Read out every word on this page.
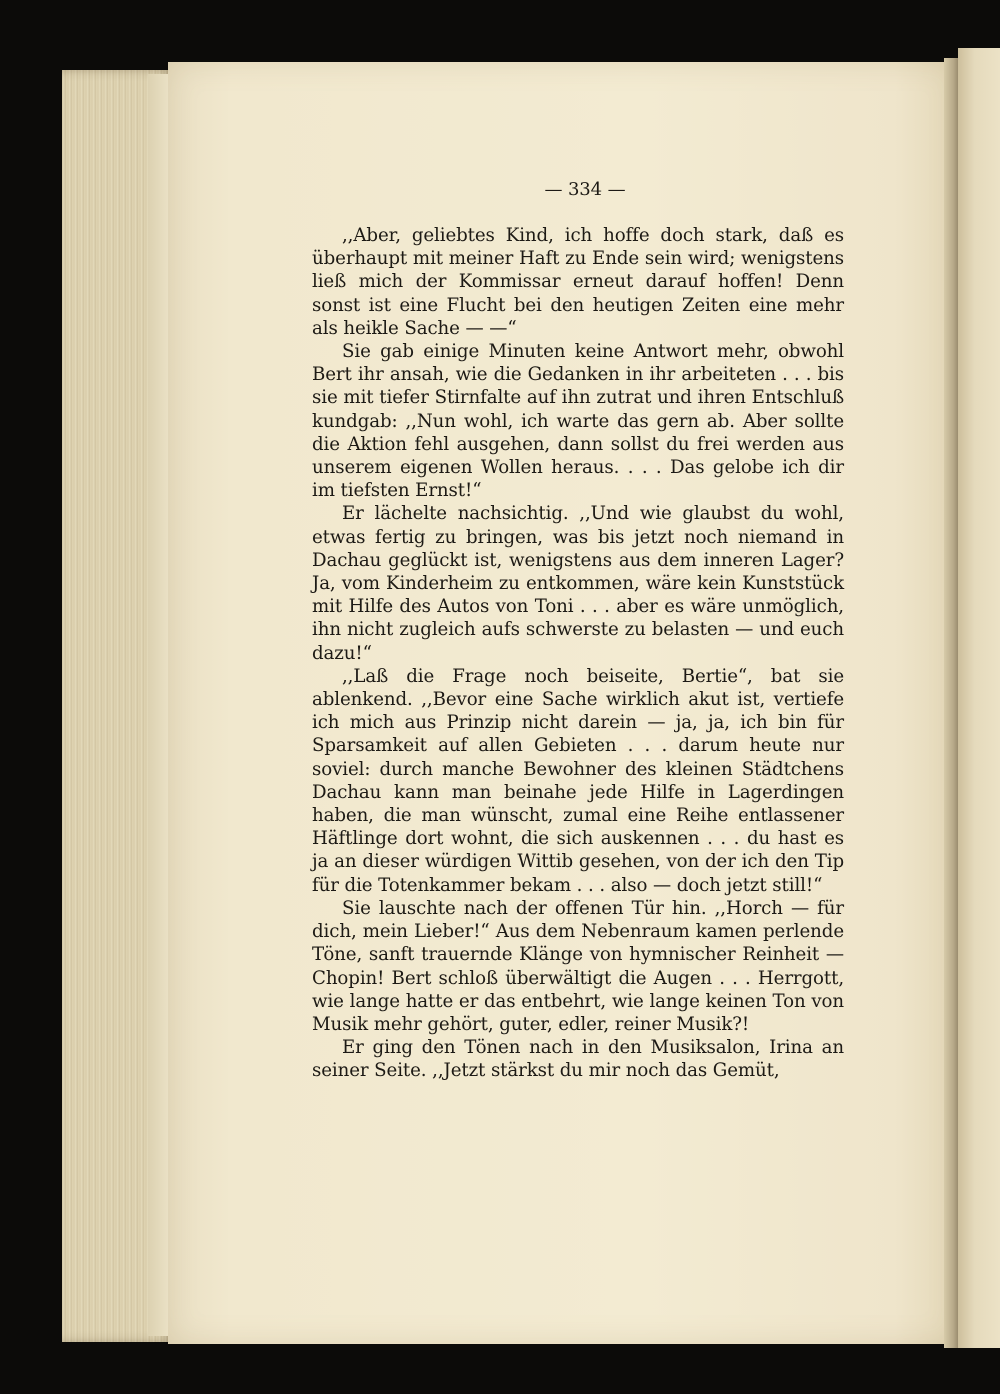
— 334 —

,,Aber, geliebtes Kind, ich hoffe doch stark, daß es überhaupt mit meiner Haft zu Ende sein wird; wenigstens ließ mich der Kommissar erneut darauf hoffen! Denn sonst ist eine Flucht bei den heutigen Zeiten eine mehr als heikle Sache — —“

Sie gab einige Minuten keine Antwort mehr, obwohl Bert ihr ansah, wie die Gedanken in ihr arbeiteten . . . bis sie mit tiefer Stirnfalte auf ihn zutrat und ihren Entschluß kundgab: ,,Nun wohl, ich warte das gern ab. Aber sollte die Aktion fehl ausgehen, dann sollst du frei werden aus unserem eigenen Wollen heraus. . . . Das gelobe ich dir im tiefsten Ernst!“

Er lächelte nachsichtig. ,,Und wie glaubst du wohl, etwas fertig zu bringen, was bis jetzt noch niemand in Dachau geglückt ist, wenigstens aus dem inneren Lager? Ja, vom Kinderheim zu entkommen, wäre kein Kunststück mit Hilfe des Autos von Toni . . . aber es wäre unmöglich, ihn nicht zugleich aufs schwerste zu belasten — und euch dazu!“

,,Laß die Frage noch beiseite, Bertie“, bat sie ablenkend. ,,Bevor eine Sache wirklich akut ist, vertiefe ich mich aus Prinzip nicht darein — ja, ja, ich bin für Sparsamkeit auf allen Gebieten . . . darum heute nur soviel: durch manche Bewohner des kleinen Städtchens Dachau kann man beinahe jede Hilfe in Lagerdingen haben, die man wünscht, zumal eine Reihe entlassener Häftlinge dort wohnt, die sich auskennen . . . du hast es ja an dieser würdigen Wittib gesehen, von der ich den Tip für die Totenkammer bekam . . . also — doch jetzt still!“

Sie lauschte nach der offenen Tür hin. ,,Horch — für dich, mein Lieber!“ Aus dem Nebenraum kamen perlende Töne, sanft trauernde Klänge von hymnischer Reinheit — Chopin! Bert schloß überwältigt die Augen . . . Herrgott, wie lange hatte er das entbehrt, wie lange keinen Ton von Musik mehr gehört, guter, edler, reiner Musik?!

Er ging den Tönen nach in den Musiksalon, Irina an seiner Seite. ,,Jetzt stärkst du mir noch das Gemüt,
